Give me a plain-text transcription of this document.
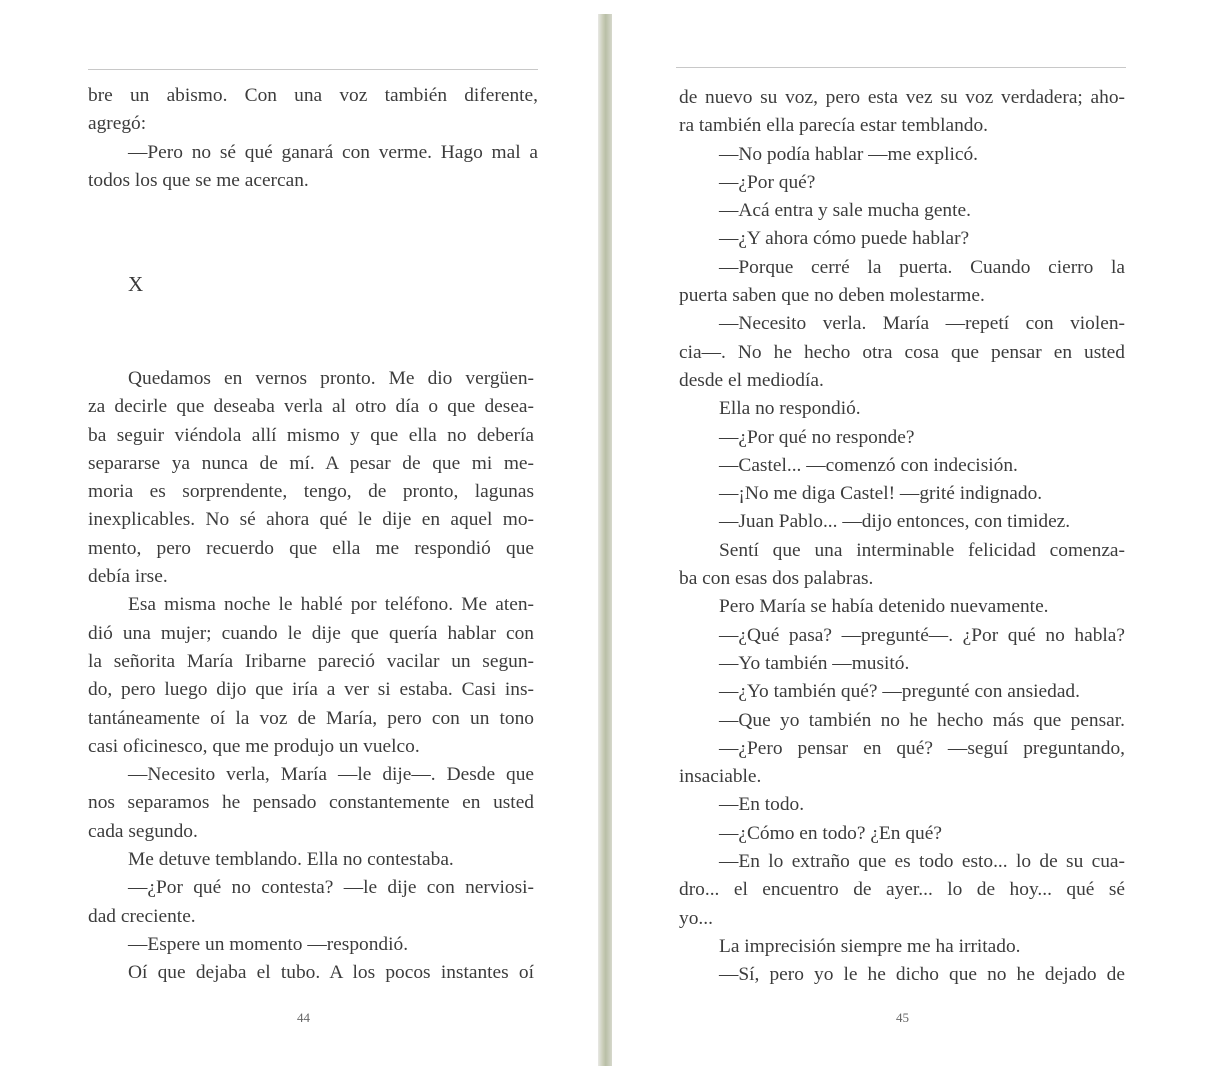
bre un abismo. Con una voz también diferente,
agregó:
—Pero no sé qué ganará con verme. Hago mal a
todos los que se me acercan.
X
Quedamos en vernos pronto. Me dio vergüen-
za decirle que deseaba verla al otro día o que desea-
ba seguir viéndola allí mismo y que ella no debería
separarse ya nunca de mí. A pesar de que mi me-
moria es sorprendente, tengo, de pronto, lagunas
inexplicables. No sé ahora qué le dije en aquel mo-
mento, pero recuerdo que ella me respondió que
debía irse.
Esa misma noche le hablé por teléfono. Me aten-
dió una mujer; cuando le dije que quería hablar con
la señorita María Iribarne pareció vacilar un segun-
do, pero luego dijo que iría a ver si estaba. Casi ins-
tantáneamente oí la voz de María, pero con un tono
casi oficinesco, que me produjo un vuelco.
—Necesito verla, María —le dije—. Desde que
nos separamos he pensado constantemente en usted
cada segundo.
Me detuve temblando. Ella no contestaba.
—¿Por qué no contesta? —le dije con nerviosi-
dad creciente.
—Espere un momento —respondió.
Oí que dejaba el tubo. A los pocos instantes oí
44
de nuevo su voz, pero esta vez su voz verdadera; aho-
ra también ella parecía estar temblando.
—No podía hablar —me explicó.
—¿Por qué?
—Acá entra y sale mucha gente.
—¿Y ahora cómo puede hablar?
—Porque cerré la puerta. Cuando cierro la
puerta saben que no deben molestarme.
—Necesito verla. María —repetí con violen-
cia—. No he hecho otra cosa que pensar en usted
desde el mediodía.
Ella no respondió.
—¿Por qué no responde?
—Castel... —comenzó con indecisión.
—¡No me diga Castel! —grité indignado.
—Juan Pablo... —dijo entonces, con timidez.
Sentí que una interminable felicidad comenza-
ba con esas dos palabras.
Pero María se había detenido nuevamente.
—¿Qué pasa? —pregunté—. ¿Por qué no habla?
—Yo también —musitó.
—¿Yo también qué? —pregunté con ansiedad.
—Que yo también no he hecho más que pensar.
—¿Pero pensar en qué? —seguí preguntando,
insaciable.
—En todo.
—¿Cómo en todo? ¿En qué?
—En lo extraño que es todo esto... lo de su cua-
dro... el encuentro de ayer... lo de hoy... qué sé
yo...
La imprecisión siempre me ha irritado.
—Sí, pero yo le he dicho que no he dejado de
45
